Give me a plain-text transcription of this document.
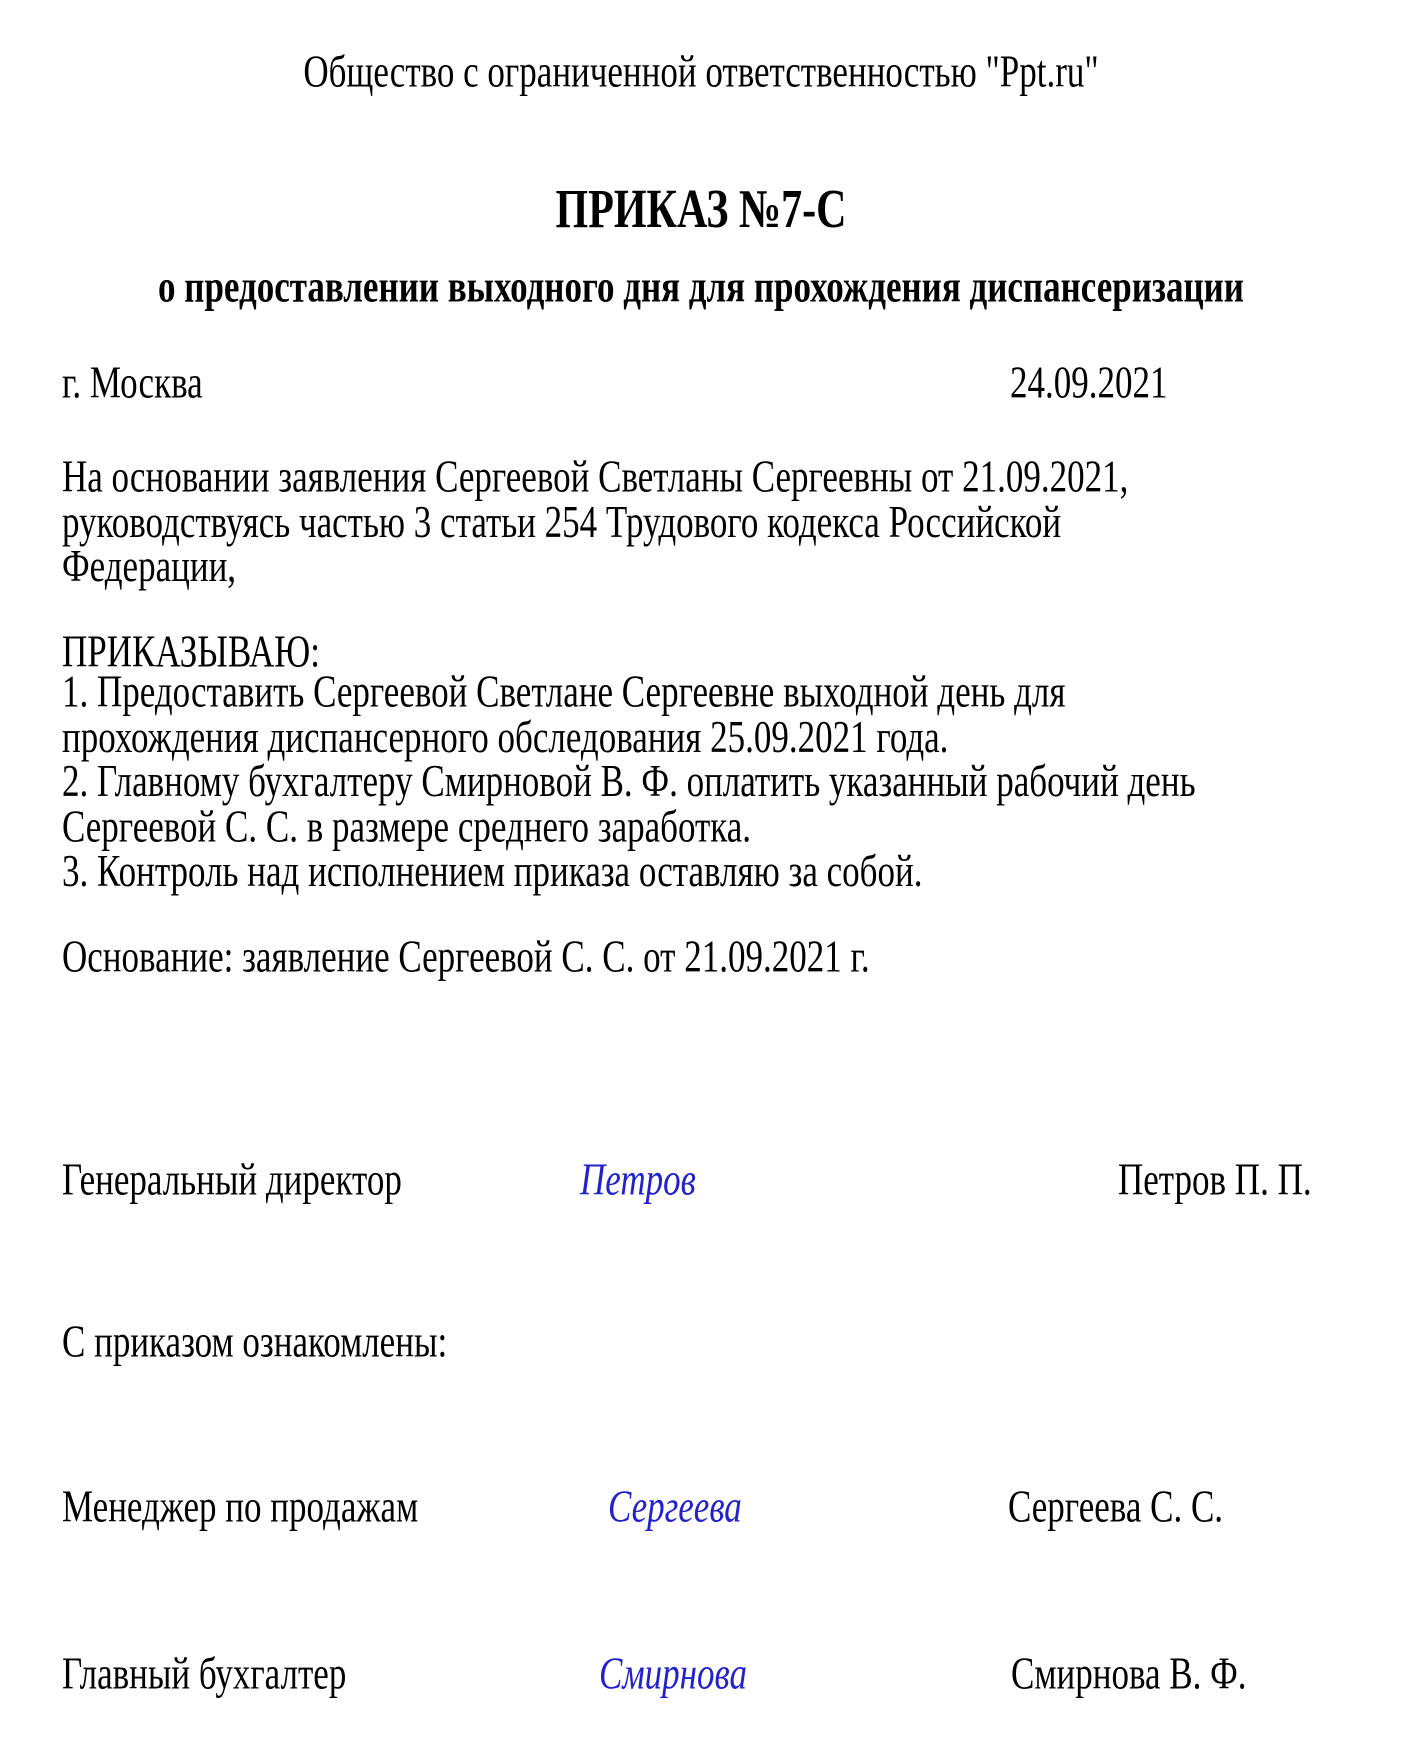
Общество с ограниченной ответственностью "Ppt.ru"
ПРИКАЗ №7-С
о предоставлении выходного дня для прохождения диспансеризации
г. Москва	24.09.2021
На основании заявления Сергеевой Светланы Сергеевны от 21.09.2021,
руководствуясь частью 3 статьи 254 Трудового кодекса Российской
Федерации,
ПРИКАЗЫВАЮ:
1. Предоставить Сергеевой Светлане Сергеевне выходной день для
прохождения диспансерного обследования 25.09.2021 года.
2. Главному бухгалтеру Смирновой В. Ф. оплатить указанный рабочий день
Сергеевой С. С. в размере среднего заработка.
3. Контроль над исполнением приказа оставляю за собой.
Основание: заявление Сергеевой С. С. от 21.09.2021 г.
Генеральный директор	Петров	Петров П. П.
С приказом ознакомлены:
Менеджер по продажам	Сергеева	Сергеева С. С.
Главный бухгалтер	Смирнова	Смирнова В. Ф.
